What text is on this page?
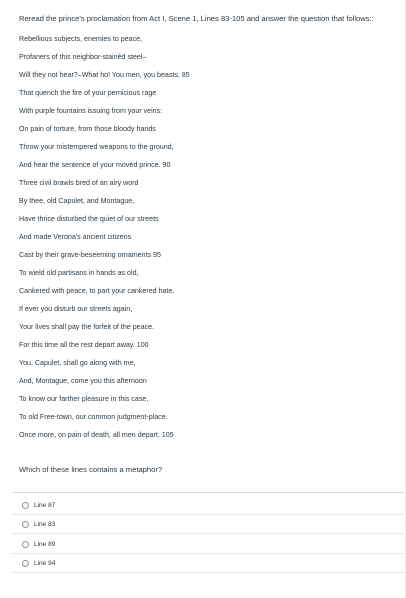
Reread the prince's proclamation from Act I, Scene 1, Lines 83-105 and answer the question that follows::
Rebellious subjects, enemies to peace,
Profaners of this neighbor-stainèd steel–
Will they not hear?–What ho! You men, you beasts, 85
That quench the fire of your pernicious rage
With purple fountains issuing from your veins:
On pain of torture, from those bloody hands
Throw your mistempered weapons to the ground,
And hear the sentence of your movèd prince. 90
Three civil brawls bred of an airy word
By thee, old Capulet, and Montague,
Have thrice disturbed the quiet of our streets
And made Verona's ancient citizens
Cast by their grave-beseeming ornaments 95
To wield old partisans in hands as old,
Cankered with peace, to part your cankered hate.
If ever you disturb our streets again,
Your lives shall pay the forfeit of the peace.
For this time all the rest depart away. 100
You, Capulet, shall go along with me,
And, Montague, come you this afternoon
To know our farther pleasure in this case,
To old Free-town, our common judgment-place.
Once more, on pain of death, all men depart. 105
Which of these lines contains a metaphor?
Line 87
Line 83
Line 89
Line 94
